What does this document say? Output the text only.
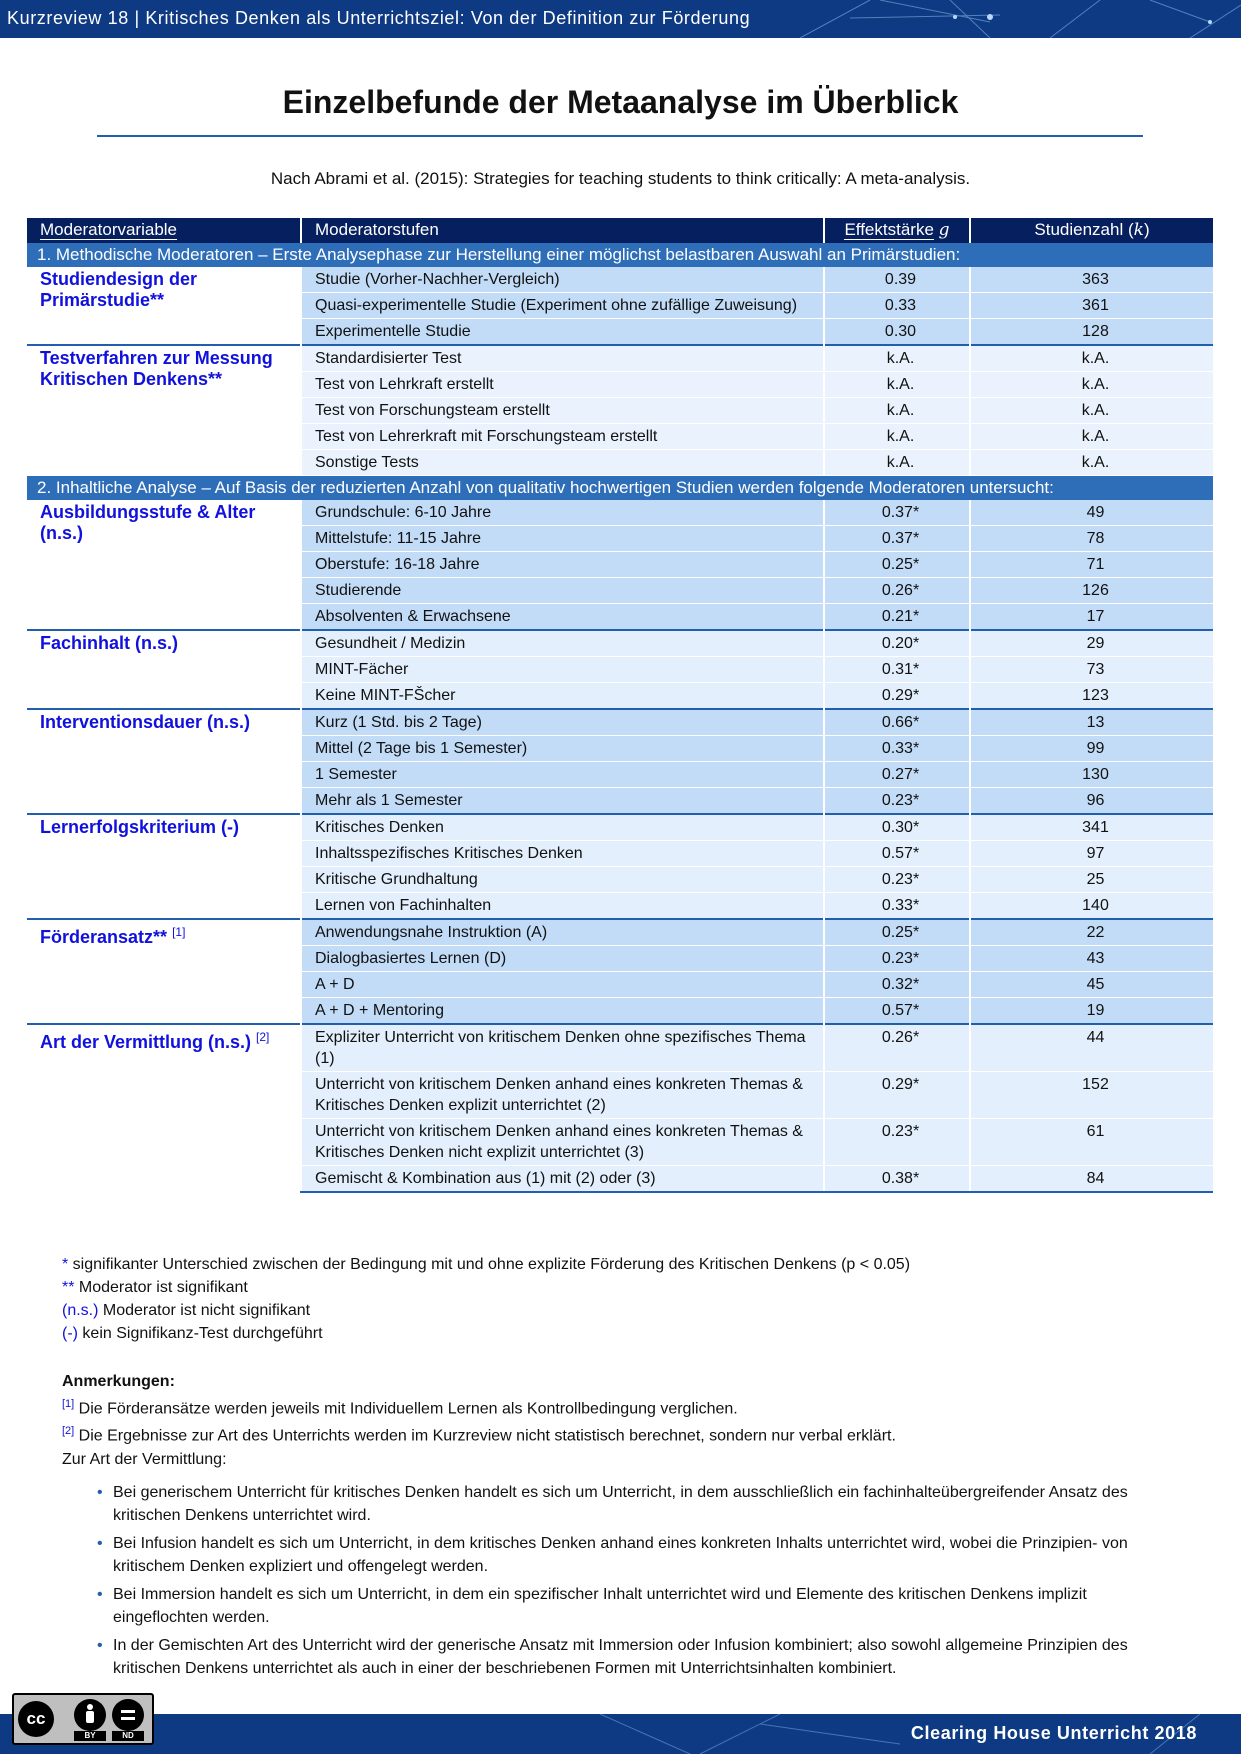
Kurzreview 18 | Kritisches Denken als Unterrichtsziel: Von der Definition zur Förderung
Einzelbefunde der Metaanalyse im Überblick
Nach Abrami et al. (2015): Strategies for teaching students to think critically: A meta-analysis.
Moderatorvariable	Moderatorstufen	Effektstärke g	Studienzahl (k)
1. Methodische Moderatoren – Erste Analysephase zur Herstellung einer möglichst belastbaren Auswahl an Primärstudien:			
Studiendesign der Primärstudie**	Studie (Vorher-Nachher-Vergleich)	0.39	363
	Quasi-experimentelle Studie (Experiment ohne zufällige Zuweisung)	0.33	361
	Experimentelle Studie	0.30	128
Testverfahren zur Messung Kritischen Denkens**	Standardisierter Test	k.A.	k.A.
	Test von Lehrkraft erstellt	k.A.	k.A.
	Test von Forschungsteam erstellt	k.A.	k.A.
	Test von Lehrerkraft mit Forschungsteam erstellt	k.A.	k.A.
	Sonstige Tests	k.A.	k.A.
2. Inhaltliche Analyse – Auf Basis der reduzierten Anzahl von qualitativ hochwertigen Studien werden folgende Moderatoren untersucht:			
Ausbildungsstufe & Alter (n.s.)	Grundschule: 6-10 Jahre	0.37*	49
	Mittelstufe: 11-15 Jahre	0.37*	78
	Oberstufe: 16-18 Jahre	0.25*	71
	Studierende	0.26*	126
	Absolventen & Erwachsene	0.21*	17
Fachinhalt (n.s.)	Gesundheit / Medizin	0.20*	29
	MINT-Fächer	0.31*	73
	Keine MINT-FŠcher	0.29*	123
Interventionsdauer (n.s.)	Kurz (1 Std. bis 2 Tage)	0.66*	13
	Mittel (2 Tage bis 1 Semester)	0.33*	99
	1 Semester	0.27*	130
	Mehr als 1 Semester	0.23*	96
Lernerfolgskriterium (-)	Kritisches Denken	0.30*	341
	Inhaltsspezifisches Kritisches Denken	0.57*	97
	Kritische Grundhaltung	0.23*	25
	Lernen von Fachinhalten	0.33*	140
Förderansatz** [1]	Anwendungsnahe Instruktion (A)	0.25*	22
	Dialogbasiertes Lernen (D)	0.23*	43
	A + D	0.32*	45
	A + D + Mentoring	0.57*	19
Art der Vermittlung (n.s.) [2]	Expliziter Unterricht von kritischem Denken ohne spezifisches Thema (1)	0.26*	44
	Unterricht von kritischem Denken anhand eines konkreten Themas & Kritisches Denken explizit unterrichtet (2)	0.29*	152
	Unterricht von kritischem Denken anhand eines konkreten Themas & Kritisches Denken nicht explizit unterrichtet (3)	0.23*	61
	Gemischt & Kombination aus (1) mit (2) oder (3)	0.38*	84
* signifikanter Unterschied zwischen der Bedingung mit und ohne explizite Förderung des Kritischen Denkens (p < 0.05)
** Moderator ist signifikant
(n.s.) Moderator ist nicht signifikant
(-) kein Signifikanz-Test durchgeführt
Anmerkungen:
[1] Die Förderansätze werden jeweils mit Individuellem Lernen als Kontrollbedingung verglichen.
[2] Die Ergebnisse zur Art des Unterrichts werden im Kurzreview nicht statistisch berechnet, sondern nur verbal erklärt.
Zur Art der Vermittlung:
• Bei generischem Unterricht für kritisches Denken handelt es sich um Unterricht, in dem ausschließlich ein fachinhalteübergreifender Ansatz des kritischen Denkens unterrichtet wird.
• Bei Infusion handelt es sich um Unterricht, in dem kritisches Denken anhand eines konkreten Inhalts unterrichtet wird, wobei die Prinzipien- von kritischem Denken expliziert und offengelegt werden.
• Bei Immersion handelt es sich um Unterricht, in dem ein spezifischer Inhalt unterrichtet wird und Elemente des kritischen Denkens implizit eingeflochten werden.
• In der Gemischten Art des Unterricht wird der generische Ansatz mit Immersion oder Infusion kombiniert; also sowohl allgemeine Prinzipien des kritischen Denkens unterrichtet als auch in einer der beschriebenen Formen mit Unterrichtsinhalten kombiniert.
Clearing House Unterricht 2018
cc
BY	ND
